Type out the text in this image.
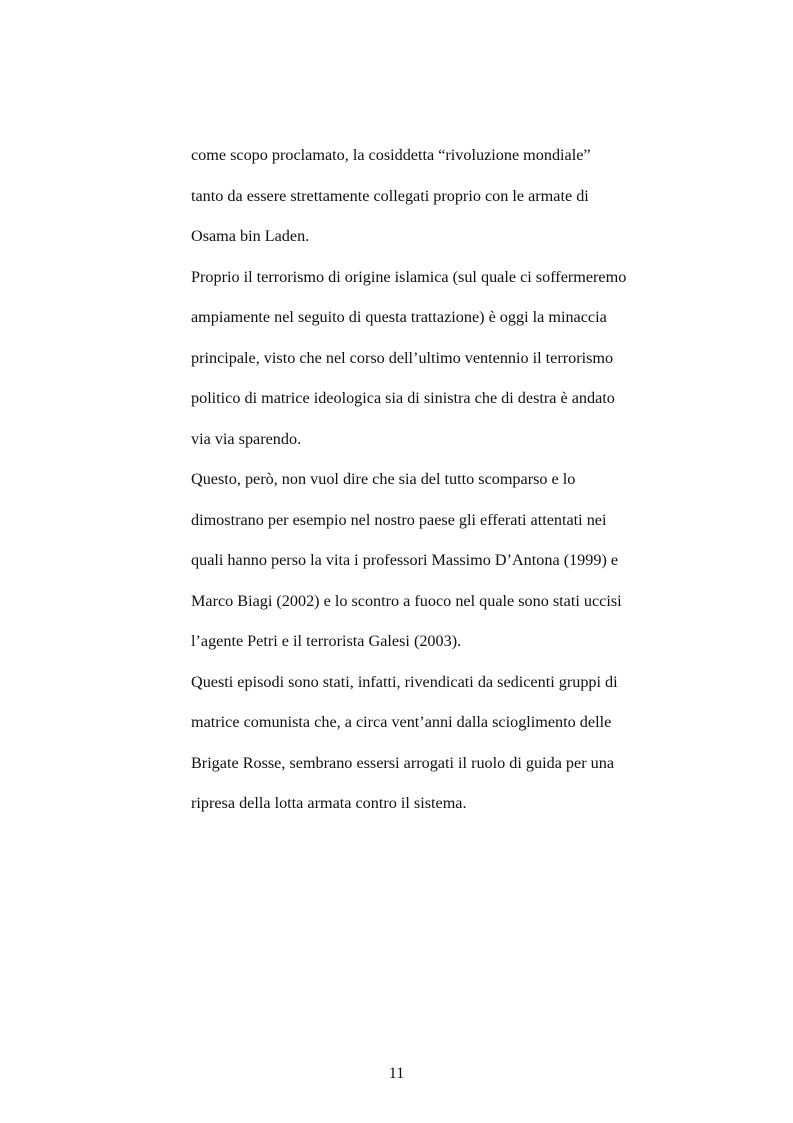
come scopo proclamato, la cosiddetta “rivoluzione mondiale”
tanto da essere strettamente collegati proprio con le armate di
Osama bin Laden.
Proprio il terrorismo di origine islamica (sul quale ci soffermeremo
ampiamente nel seguito di questa trattazione) è oggi la minaccia
principale, visto che nel corso dell’ultimo ventennio il terrorismo
politico di matrice ideologica sia di sinistra che di destra è andato
via via sparendo.
Questo, però, non vuol dire che sia del tutto scomparso e lo
dimostrano per esempio nel nostro paese gli efferati attentati nei
quali hanno perso la vita i professori Massimo D’Antona (1999) e
Marco Biagi (2002) e lo scontro a fuoco nel quale sono stati uccisi
l’agente Petri e il terrorista Galesi (2003).
Questi episodi sono stati, infatti, rivendicati da sedicenti gruppi di
matrice comunista che, a circa vent’anni dalla scioglimento delle
Brigate Rosse, sembrano essersi arrogati il ruolo di guida per una
ripresa della lotta armata contro il sistema.
11
